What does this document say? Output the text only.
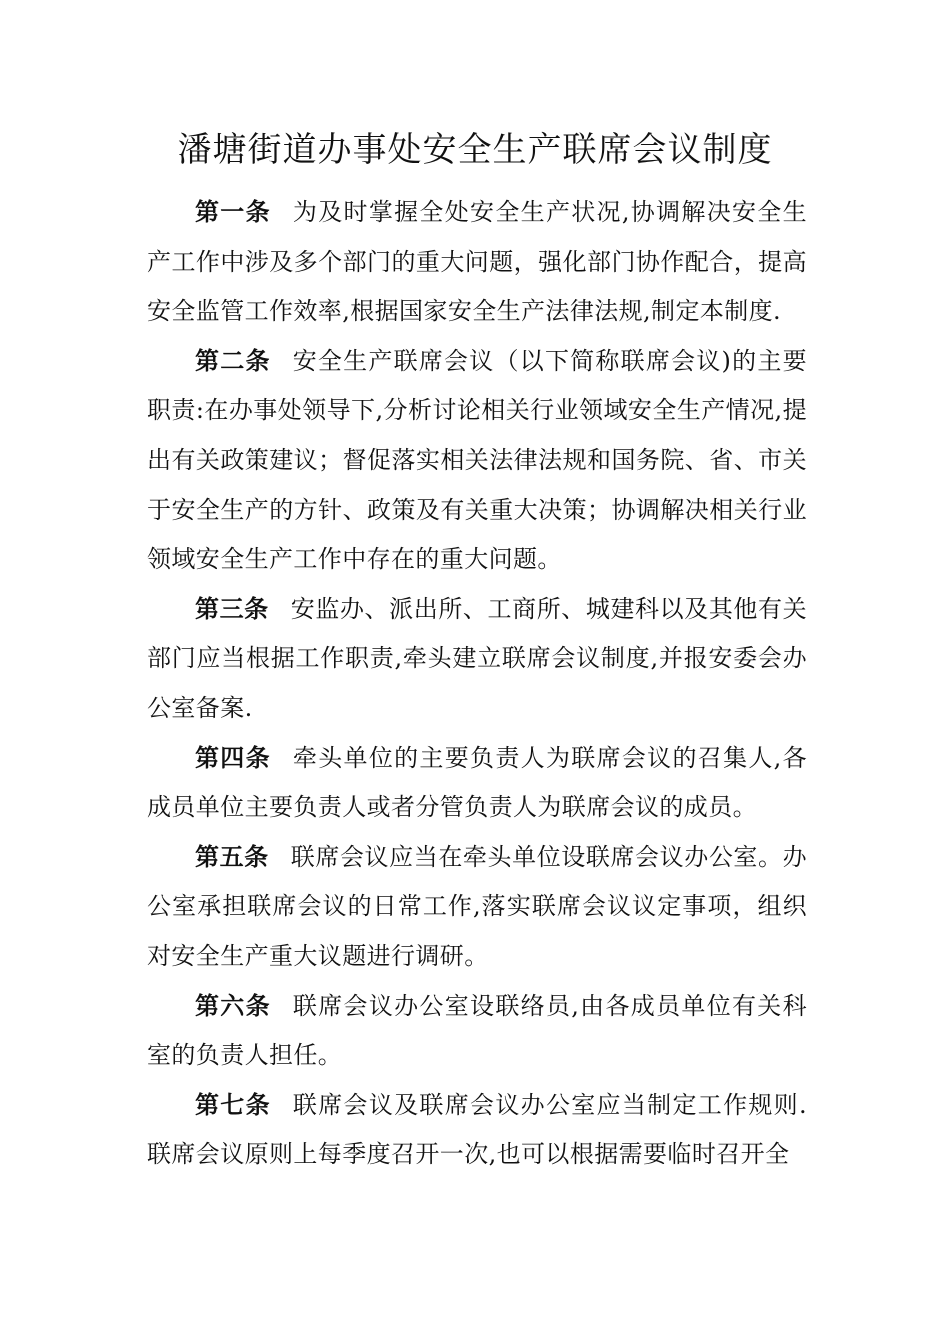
潘塘街道办事处安全生产联席会议制度

第一条 为及时掌握全处安全生产状况,协调解决安全生产工作中涉及多个部门的重大问题，强化部门协作配合，提高安全监管工作效率,根据国家安全生产法律法规,制定本制度.

第二条 安全生产联席会议（以下简称联席会议)的主要职责:在办事处领导下,分析讨论相关行业领域安全生产情况,提出有关政策建议；督促落实相关法律法规和国务院、省、市关于安全生产的方针、政策及有关重大决策；协调解决相关行业领域安全生产工作中存在的重大问题。

第三条 安监办、派出所、工商所、城建科以及其他有关部门应当根据工作职责,牵头建立联席会议制度,并报安委会办公室备案.

第四条 牵头单位的主要负责人为联席会议的召集人,各成员单位主要负责人或者分管负责人为联席会议的成员。

第五条 联席会议应当在牵头单位设联席会议办公室。办公室承担联席会议的日常工作,落实联席会议议定事项，组织对安全生产重大议题进行调研。

第六条 联席会议办公室设联络员,由各成员单位有关科室的负责人担任。

第七条 联席会议及联席会议办公室应当制定工作规则.联席会议原则上每季度召开一次,也可以根据需要临时召开全
